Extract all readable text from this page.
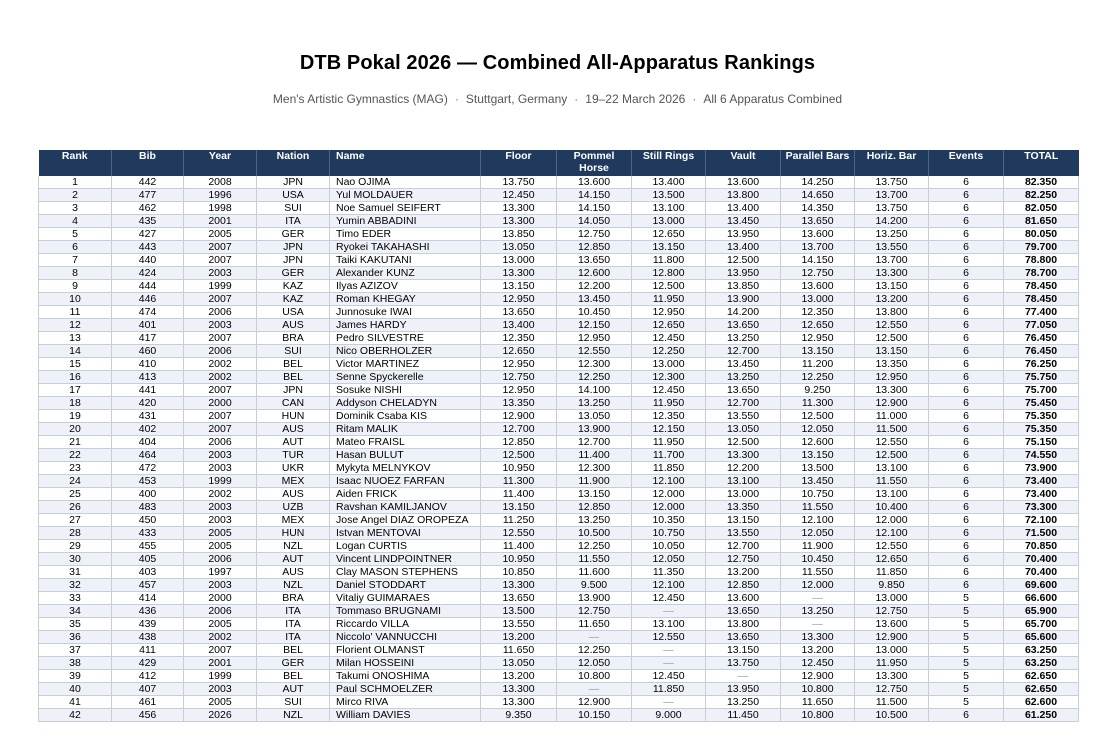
DTB Pokal 2026 — Combined All-Apparatus Rankings
Men's Artistic Gymnastics (MAG) · Stuttgart, Germany · 19–22 March 2026 · All 6 Apparatus Combined
Rank	Bib	Year	Nation	Name	Floor	Pommel Horse	Still Rings	Vault	Parallel Bars	Horiz. Bar	Events	TOTAL
1	442	2008	JPN	Nao OJIMA	13.750	13.600	13.400	13.600	14.250	13.750	6	82.350
2	477	1996	USA	Yul MOLDAUER	12.450	14.150	13.500	13.800	14.650	13.700	6	82.250
3	462	1998	SUI	Noe Samuel SEIFERT	13.300	14.150	13.100	13.400	14.350	13.750	6	82.050
4	435	2001	ITA	Yumin ABBADINI	13.300	14.050	13.000	13.450	13.650	14.200	6	81.650
5	427	2005	GER	Timo EDER	13.850	12.750	12.650	13.950	13.600	13.250	6	80.050
6	443	2007	JPN	Ryokei TAKAHASHI	13.050	12.850	13.150	13.400	13.700	13.550	6	79.700
7	440	2007	JPN	Taiki KAKUTANI	13.000	13.650	11.800	12.500	14.150	13.700	6	78.800
8	424	2003	GER	Alexander KUNZ	13.300	12.600	12.800	13.950	12.750	13.300	6	78.700
9	444	1999	KAZ	Ilyas AZIZOV	13.150	12.200	12.500	13.850	13.600	13.150	6	78.450
10	446	2007	KAZ	Roman KHEGAY	12.950	13.450	11.950	13.900	13.000	13.200	6	78.450
11	474	2006	USA	Junnosuke IWAI	13.650	10.450	12.950	14.200	12.350	13.800	6	77.400
12	401	2003	AUS	James HARDY	13.400	12.150	12.650	13.650	12.650	12.550	6	77.050
13	417	2007	BRA	Pedro SILVESTRE	12.350	12.950	12.450	13.250	12.950	12.500	6	76.450
14	460	2006	SUI	Nico OBERHOLZER	12.650	12.550	12.250	12.700	13.150	13.150	6	76.450
15	410	2002	BEL	Victor MARTINEZ	12.950	12.300	13.000	13.450	11.200	13.350	6	76.250
16	413	2002	BEL	Senne Spyckerelle	12.750	12.250	12.300	13.250	12.250	12.950	6	75.750
17	441	2007	JPN	Sosuke NISHI	12.950	14.100	12.450	13.650	9.250	13.300	6	75.700
18	420	2000	CAN	Addyson CHELADYN	13.350	13.250	11.950	12.700	11.300	12.900	6	75.450
19	431	2007	HUN	Dominik Csaba KIS	12.900	13.050	12.350	13.550	12.500	11.000	6	75.350
20	402	2007	AUS	Ritam MALIK	12.700	13.900	12.150	13.050	12.050	11.500	6	75.350
21	404	2006	AUT	Mateo FRAISL	12.850	12.700	11.950	12.500	12.600	12.550	6	75.150
22	464	2003	TUR	Hasan BULUT	12.500	11.400	11.700	13.300	13.150	12.500	6	74.550
23	472	2003	UKR	Mykyta MELNYKOV	10.950	12.300	11.850	12.200	13.500	13.100	6	73.900
24	453	1999	MEX	Isaac NUOEZ FARFAN	11.300	11.900	12.100	13.100	13.450	11.550	6	73.400
25	400	2002	AUS	Aiden FRICK	11.400	13.150	12.000	13.000	10.750	13.100	6	73.400
26	483	2003	UZB	Ravshan KAMILJANOV	13.150	12.850	12.000	13.350	11.550	10.400	6	73.300
27	450	2003	MEX	Jose Angel DIAZ OROPEZA	11.250	13.250	10.350	13.150	12.100	12.000	6	72.100
28	433	2005	HUN	Istvan MENTOVAI	12.550	10.500	10.750	13.550	12.050	12.100	6	71.500
29	455	2005	NZL	Logan CURTIS	11.400	12.250	10.050	12.700	11.900	12.550	6	70.850
30	405	2006	AUT	Vincent LINDPOINTNER	10.950	11.550	12.050	12.750	10.450	12.650	6	70.400
31	403	1997	AUS	Clay MASON STEPHENS	10.850	11.600	11.350	13.200	11.550	11.850	6	70.400
32	457	2003	NZL	Daniel STODDART	13.300	9.500	12.100	12.850	12.000	9.850	6	69.600
33	414	2000	BRA	Vitaliy GUIMARAES	13.650	13.900	12.450	13.600	—	13.000	5	66.600
34	436	2006	ITA	Tommaso BRUGNAMI	13.500	12.750	—	13.650	13.250	12.750	5	65.900
35	439	2005	ITA	Riccardo VILLA	13.550	11.650	13.100	13.800	—	13.600	5	65.700
36	438	2002	ITA	Niccolo' VANNUCCHI	13.200	—	12.550	13.650	13.300	12.900	5	65.600
37	411	2007	BEL	Florient OLMANST	11.650	12.250	—	13.150	13.200	13.000	5	63.250
38	429	2001	GER	Milan HOSSEINI	13.050	12.050	—	13.750	12.450	11.950	5	63.250
39	412	1999	BEL	Takumi ONOSHIMA	13.200	10.800	12.450	—	12.900	13.300	5	62.650
40	407	2003	AUT	Paul SCHMOELZER	13.300	—	11.850	13.950	10.800	12.750	5	62.650
41	461	2005	SUI	Mirco RIVA	13.300	12.900	—	13.250	11.650	11.500	5	62.600
42	456	2026	NZL	William DAVIES	9.350	10.150	9.000	11.450	10.800	10.500	6	61.250
